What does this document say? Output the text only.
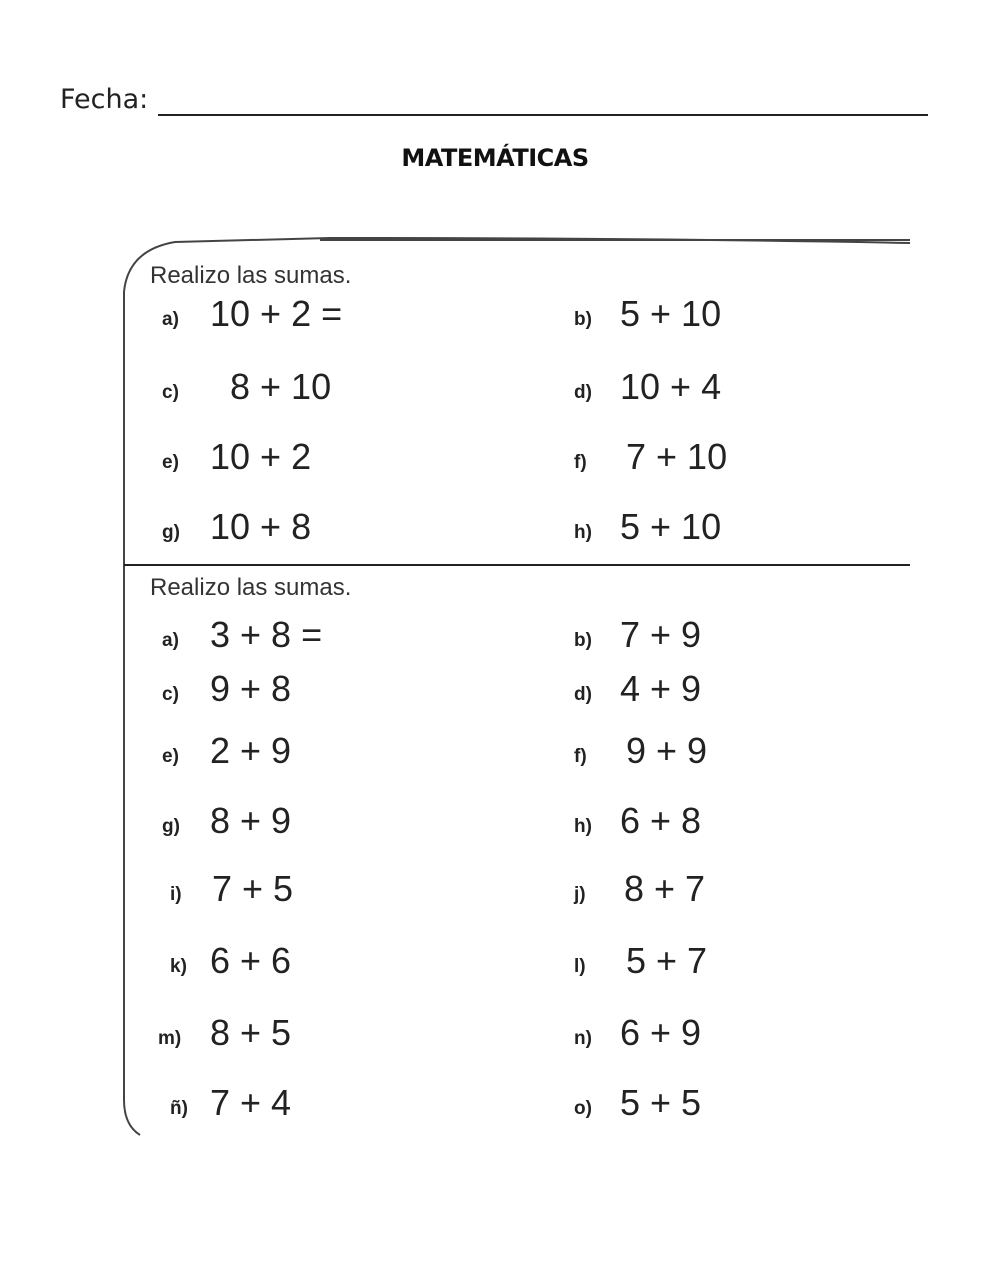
Fecha:
MATEMÁTICAS
Realizo las sumas.
Realizo las sumas.
a) 10 + 2 =	b) 5 + 10
c) 8 + 10	d) 10 + 4
e) 10 + 2	f) 7 + 10
g) 10 + 8	h) 5 + 10
a) 3 + 8 =	b) 7 + 9
c) 9 + 8	d) 4 + 9
e) 2 + 9	f) 9 + 9
g) 8 + 9	h) 6 + 8
i) 7 + 5	j) 8 + 7
k) 6 + 6	l) 5 + 7
m) 8 + 5	n) 6 + 9
ñ) 7 + 4	o) 5 + 5
